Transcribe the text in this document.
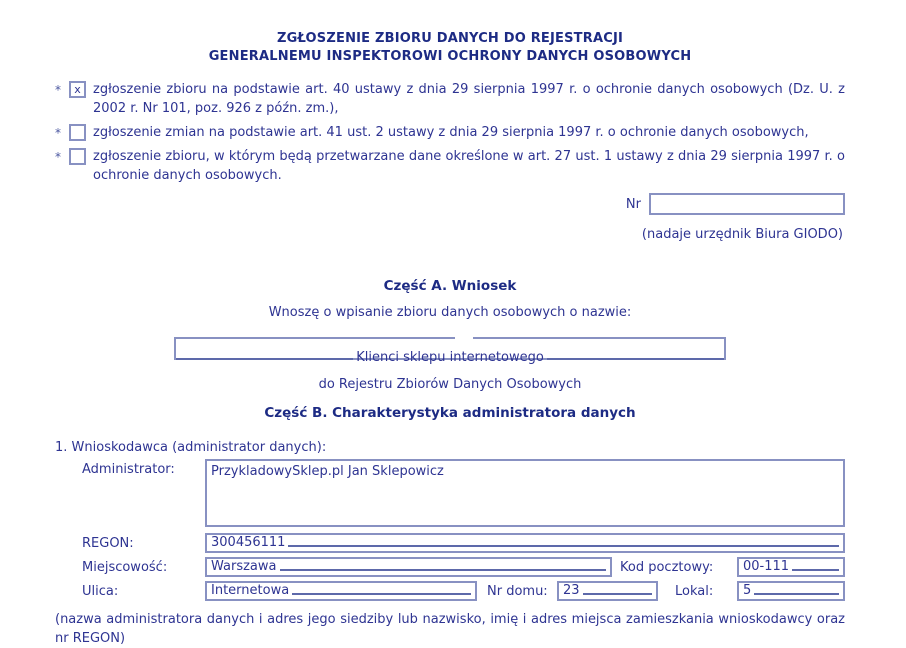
ZGŁOSZENIE ZBIORU DANYCH DO REJESTRACJI
GENERALNEMU INSPEKTOROWI OCHRONY DANYCH OSOBOWYCH
*	x zgłoszenie zbioru na podstawie art. 40 ustawy z dnia 29 sierpnia 1997 r. o ochronie danych osobowych (Dz. U. z 2002 r. Nr 101, poz. 926 z późn. zm.),
* zgłoszenie zmian na podstawie art. 41 ust. 2 ustawy z dnia 29 sierpnia 1997 r. o ochronie danych osobowych,
* zgłoszenie zbioru, w którym będą przetwarzane dane określone w art. 27 ust. 1 ustawy z dnia 29 sierpnia 1997 r. o ochronie danych osobowych.
Nr
(nadaje urzędnik Biura GIODO)
Część A. Wniosek
Wnoszę o wpisanie zbioru danych osobowych o nazwie:
Klienci sklepu internetowego
do Rejestru Zbiorów Danych Osobowych
Część B. Charakterystyka administratora danych
1. Wnioskodawca (administrator danych):
Administrator:	PrzykladowySklep.pl Jan Sklepowicz
REGON:	300456111
Miejscowość:	Warszawa	Kod pocztowy:	00-111
Ulica:	Internetowa	Nr domu:	23	Lokal:	5
(nazwa administratora danych i adres jego siedziby lub nazwisko, imię i adres miejsca zamieszkania wnioskodawcy oraz nr REGON)
